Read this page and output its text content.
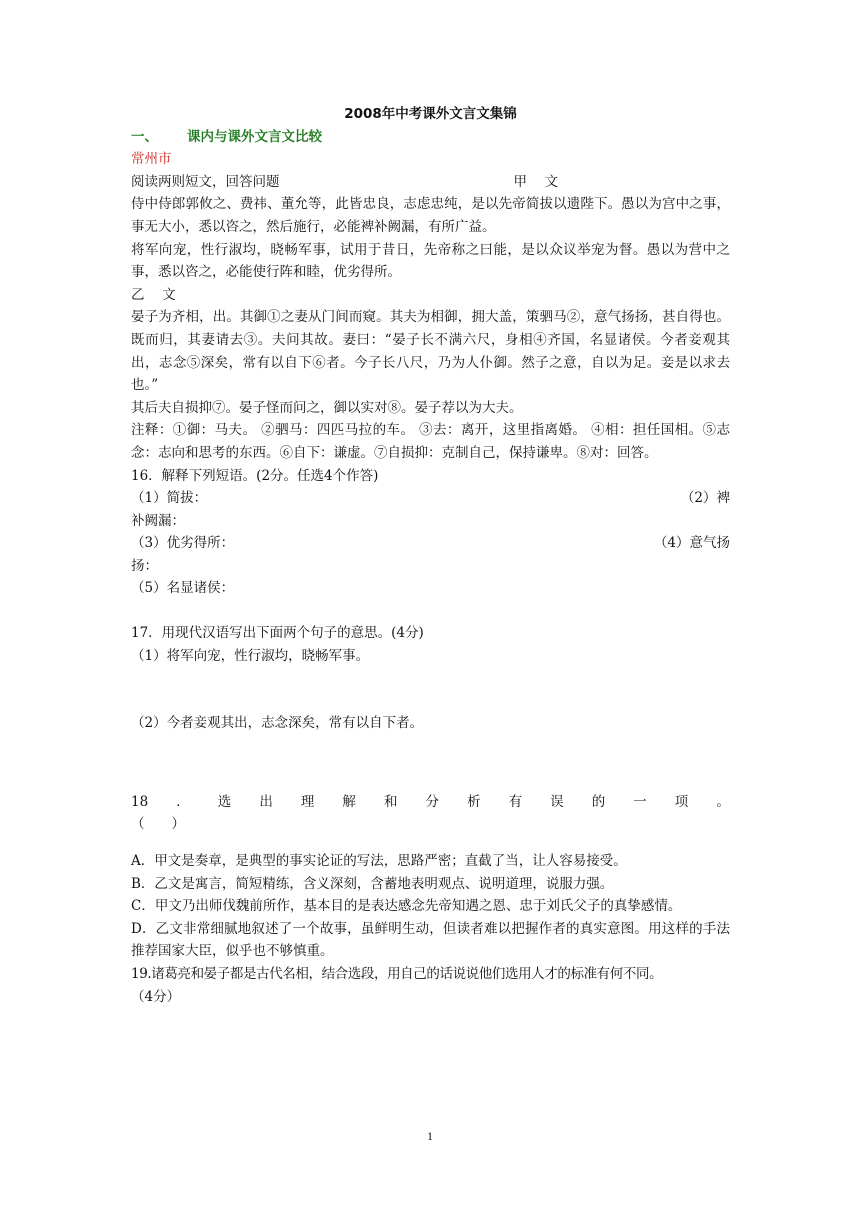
2008年中考课外文言文集锦
一、 课内与课外文言文比较
常州市
阅读两则短文，回答问题	甲　 文
侍中侍郎郭攸之、费祎、董允等，此皆忠良，志虑忠纯，是以先帝简拔以遗陛下。愚以为宫中之事，事无大小，悉以咨之，然后施行，必能裨补阙漏，有所广益。
将军向宠，性行淑均，晓畅军事，试用于昔日，先帝称之曰能，是以众议举宠为督。愚以为营中之事，悉以咨之，必能使行阵和睦，优劣得所。
乙　 文
晏子为齐相，出。其御①之妻从门间而窥。其夫为相御，拥大盖，策驷马②，意气扬扬，甚自得也。既而归，其妻请去③。夫问其故。妻曰：“晏子长不满六尺，身相④齐国，名显诸侯。今者妾观其出，志念⑤深矣，常有以自下⑥者。今子长八尺，乃为人仆御。然子之意，自以为足。妾是以求去也。”
其后夫自损抑⑦。晏子怪而问之，御以实对⑧。晏子荐以为大夫。
注释：①御：马夫。 ②驷马：四匹马拉的车。 ③去：离开，这里指离婚。 ④相：担任国相。⑤志念：志向和思考的东西。⑥自下：谦虚。⑦自损抑：克制自己，保持谦卑。⑧对：回答。
16．解释下列短语。(2分。任选4个作答)
（1）简拔：	（2）裨
补阙漏：
（3）优劣得所：	（4）意气扬
扬：
（5）名显诸侯：
17．用现代汉语写出下面两个句子的意思。(4分)
（1）将军向宠，性行淑均，晓畅军事。
（2）今者妾观其出，志念深矣，常有以自下者。
18 ． 选 出 理 解 和 分 析 有 误 的 一 项 。
（　　）
A．甲文是奏章，是典型的事实论证的写法，思路严密；直截了当，让人容易接受。
B．乙文是寓言，简短精练，含义深刻，含蓄地表明观点、说明道理，说服力强。
C．甲文乃出师伐魏前所作，基本目的是表达感念先帝知遇之恩、忠于刘氏父子的真挚感情。
D．乙文非常细腻地叙述了一个故事，虽鲜明生动，但读者难以把握作者的真实意图。用这样的手法推荐国家大臣，似乎也不够慎重。
19.诸葛亮和晏子都是古代名相，结合选段，用自己的话说说他们选用人才的标准有何不同。
（4分）
1
